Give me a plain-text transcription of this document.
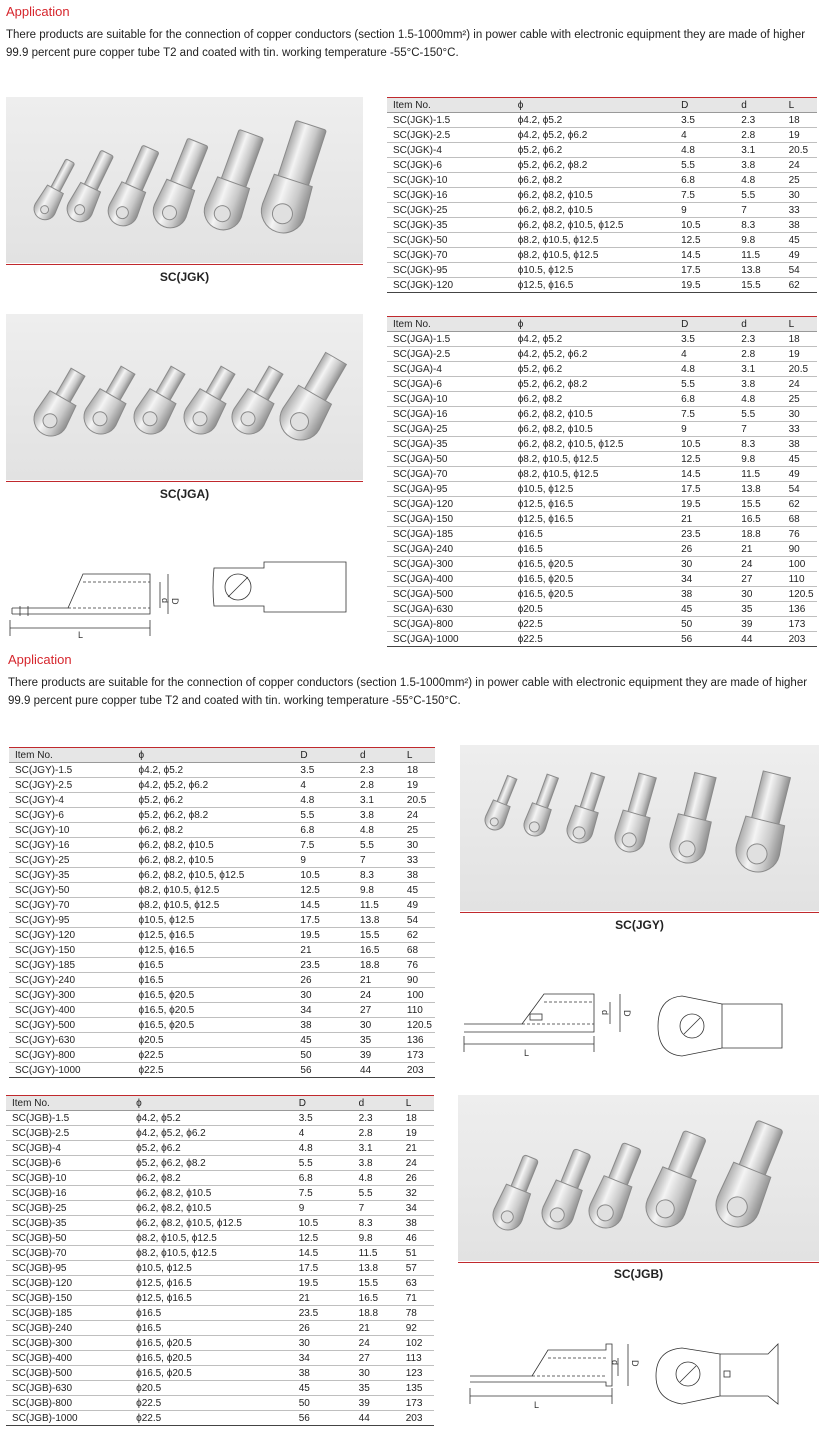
Application
There products are suitable for the connection of copper conductors (section 1.5-1000mm²) in power cable with electronic equipment they are made of higher
99.9 percent pure copper tube T2 and coated with tin. working temperature -55°C-150°C.
SC(JGK)
Item No.	ϕ	D	d	L
SC(JGK)-1.5	ϕ4.2, ϕ5.2	3.5	2.3	18
SC(JGK)-2.5	ϕ4.2, ϕ5.2, ϕ6.2	4	2.8	19
SC(JGK)-4	ϕ5.2, ϕ6.2	4.8	3.1	20.5
SC(JGK)-6	ϕ5.2, ϕ6.2, ϕ8.2	5.5	3.8	24
SC(JGK)-10	ϕ6.2, ϕ8.2	6.8	4.8	25
SC(JGK)-16	ϕ6.2, ϕ8.2, ϕ10.5	7.5	5.5	30
SC(JGK)-25	ϕ6.2, ϕ8.2, ϕ10.5	9	7	33
SC(JGK)-35	ϕ6.2, ϕ8.2, ϕ10.5, ϕ12.5	10.5	8.3	38
SC(JGK)-50	ϕ8.2, ϕ10.5, ϕ12.5	12.5	9.8	45
SC(JGK)-70	ϕ8.2, ϕ10.5, ϕ12.5	14.5	11.5	49
SC(JGK)-95	ϕ10.5, ϕ12.5	17.5	13.8	54
SC(JGK)-120	ϕ12.5, ϕ16.5	19.5	15.5	62
SC(JGA)
Item No.	ϕ	D	d	L
SC(JGA)-1.5	ϕ4.2, ϕ5.2	3.5	2.3	18
SC(JGA)-2.5	ϕ4.2, ϕ5.2, ϕ6.2	4	2.8	19
SC(JGA)-4	ϕ5.2, ϕ6.2	4.8	3.1	20.5
SC(JGA)-6	ϕ5.2, ϕ6.2, ϕ8.2	5.5	3.8	24
SC(JGA)-10	ϕ6.2, ϕ8.2	6.8	4.8	25
SC(JGA)-16	ϕ6.2, ϕ8.2, ϕ10.5	7.5	5.5	30
SC(JGA)-25	ϕ6.2, ϕ8.2, ϕ10.5	9	7	33
SC(JGA)-35	ϕ6.2, ϕ8.2, ϕ10.5, ϕ12.5	10.5	8.3	38
SC(JGA)-50	ϕ8.2, ϕ10.5, ϕ12.5	12.5	9.8	45
SC(JGA)-70	ϕ8.2, ϕ10.5, ϕ12.5	14.5	11.5	49
SC(JGA)-95	ϕ10.5, ϕ12.5	17.5	13.8	54
SC(JGA)-120	ϕ12.5, ϕ16.5	19.5	15.5	62
SC(JGA)-150	ϕ12.5, ϕ16.5	21	16.5	68
SC(JGA)-185	ϕ16.5	23.5	18.8	76
SC(JGA)-240	ϕ16.5	26	21	90
SC(JGA)-300	ϕ16.5, ϕ20.5	30	24	100
SC(JGA)-400	ϕ16.5, ϕ20.5	34	27	110
SC(JGA)-500	ϕ16.5, ϕ20.5	38	30	120.5
SC(JGA)-630	ϕ20.5	45	35	136
SC(JGA)-800	ϕ22.5	50	39	173
SC(JGA)-1000	ϕ22.5	56	44	203
L
d D
Application
There products are suitable for the connection of copper conductors (section 1.5-1000mm²) in power cable with electronic equipment they are made of higher
99.9 percent pure copper tube T2 and coated with tin. working temperature -55°C-150°C.
Item No.	ϕ	D	d	L
SC(JGY)-1.5	ϕ4.2, ϕ5.2	3.5	2.3	18
SC(JGY)-2.5	ϕ4.2, ϕ5.2, ϕ6.2	4	2.8	19
SC(JGY)-4	ϕ5.2, ϕ6.2	4.8	3.1	20.5
SC(JGY)-6	ϕ5.2, ϕ6.2, ϕ8.2	5.5	3.8	24
SC(JGY)-10	ϕ6.2, ϕ8.2	6.8	4.8	25
SC(JGY)-16	ϕ6.2, ϕ8.2, ϕ10.5	7.5	5.5	30
SC(JGY)-25	ϕ6.2, ϕ8.2, ϕ10.5	9	7	33
SC(JGY)-35	ϕ6.2, ϕ8.2, ϕ10.5, ϕ12.5	10.5	8.3	38
SC(JGY)-50	ϕ8.2, ϕ10.5, ϕ12.5	12.5	9.8	45
SC(JGY)-70	ϕ8.2, ϕ10.5, ϕ12.5	14.5	11.5	49
SC(JGY)-95	ϕ10.5, ϕ12.5	17.5	13.8	54
SC(JGY)-120	ϕ12.5, ϕ16.5	19.5	15.5	62
SC(JGY)-150	ϕ12.5, ϕ16.5	21	16.5	68
SC(JGY)-185	ϕ16.5	23.5	18.8	76
SC(JGY)-240	ϕ16.5	26	21	90
SC(JGY)-300	ϕ16.5, ϕ20.5	30	24	100
SC(JGY)-400	ϕ16.5, ϕ20.5	34	27	110
SC(JGY)-500	ϕ16.5, ϕ20.5	38	30	120.5
SC(JGY)-630	ϕ20.5	45	35	136
SC(JGY)-800	ϕ22.5	50	39	173
SC(JGY)-1000	ϕ22.5	56	44	203
SC(JGY)
L
d D
Item No.	ϕ	D	d	L
SC(JGB)-1.5	ϕ4.2, ϕ5.2	3.5	2.3	18
SC(JGB)-2.5	ϕ4.2, ϕ5.2, ϕ6.2	4	2.8	19
SC(JGB)-4	ϕ5.2, ϕ6.2	4.8	3.1	21
SC(JGB)-6	ϕ5.2, ϕ6.2, ϕ8.2	5.5	3.8	24
SC(JGB)-10	ϕ6.2, ϕ8.2	6.8	4.8	26
SC(JGB)-16	ϕ6.2, ϕ8.2, ϕ10.5	7.5	5.5	32
SC(JGB)-25	ϕ6.2, ϕ8.2, ϕ10.5	9	7	34
SC(JGB)-35	ϕ6.2, ϕ8.2, ϕ10.5, ϕ12.5	10.5	8.3	38
SC(JGB)-50	ϕ8.2, ϕ10.5, ϕ12.5	12.5	9.8	46
SC(JGB)-70	ϕ8.2, ϕ10.5, ϕ12.5	14.5	11.5	51
SC(JGB)-95	ϕ10.5, ϕ12.5	17.5	13.8	57
SC(JGB)-120	ϕ12.5, ϕ16.5	19.5	15.5	63
SC(JGB)-150	ϕ12.5, ϕ16.5	21	16.5	71
SC(JGB)-185	ϕ16.5	23.5	18.8	78
SC(JGB)-240	ϕ16.5	26	21	92
SC(JGB)-300	ϕ16.5, ϕ20.5	30	24	102
SC(JGB)-400	ϕ16.5, ϕ20.5	34	27	113
SC(JGB)-500	ϕ16.5, ϕ20.5	38	30	123
SC(JGB)-630	ϕ20.5	45	35	135
SC(JGB)-800	ϕ22.5	50	39	173
SC(JGB)-1000	ϕ22.5	56	44	203
SC(JGB)
L
d D
